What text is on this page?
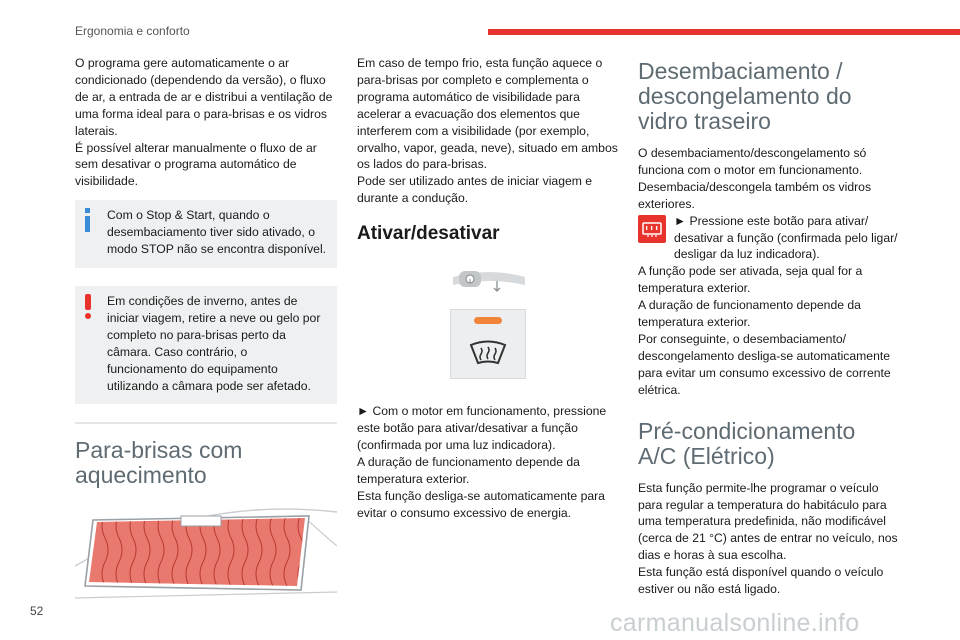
Ergonomia e conforto

O programa gere automaticamente o ar condicionado (dependendo da versão), o fluxo de ar, a entrada de ar e distribui a ventilação de uma forma ideal para o para-brisas e os vidros laterais.

É possível alterar manualmente o fluxo de ar sem desativar o programa automático de visibilidade.

Com o Stop & Start, quando o desembaciamento tiver sido ativado, o modo STOP não se encontra disponível.

Em condições de inverno, antes de iniciar viagem, retire a neve ou gelo por completo no para-brisas perto da câmara. Caso contrário, o funcionamento do equipamento utilizando a câmara pode ser afetado.

Para-brisas com aquecimento

Em caso de tempo frio, esta função aquece o para-brisas por completo e complementa o programa automático de visibilidade para acelerar a evacuação dos elementos que interferem com a visibilidade (por exemplo, orvalho, vapor, geada, neve), situado em ambos os lados do para-brisas.

Pode ser utilizado antes de iniciar viagem e durante a condução.

Ativar/desativar

► Com o motor em funcionamento, pressione este botão para ativar/desativar a função (confirmada por uma luz indicadora).

A duração de funcionamento depende da temperatura exterior.

Esta função desliga-se automaticamente para evitar o consumo excessivo de energia.

Desembaciamento / descongelamento do vidro traseiro

O desembaciamento/descongelamento só funciona com o motor em funcionamento. Desembacia/descongela também os vidros exteriores.

► Pressione este botão para ativar/ desativar a função (confirmada pelo ligar/ desligar da luz indicadora).

A função pode ser ativada, seja qual for a temperatura exterior.

A duração de funcionamento depende da temperatura exterior.

Por conseguinte, o desembaciamento/ descongelamento desliga-se automaticamente para evitar um consumo excessivo de corrente elétrica.

Pré-condicionamento A/C (Elétrico)

Esta função permite-lhe programar o veículo para regular a temperatura do habitáculo para uma temperatura predefinida, não modificável (cerca de 21 °C) antes de entrar no veículo, nos dias e horas à sua escolha.

Esta função está disponível quando o veículo estiver ou não está ligado.

52	carmanualsonline.info
